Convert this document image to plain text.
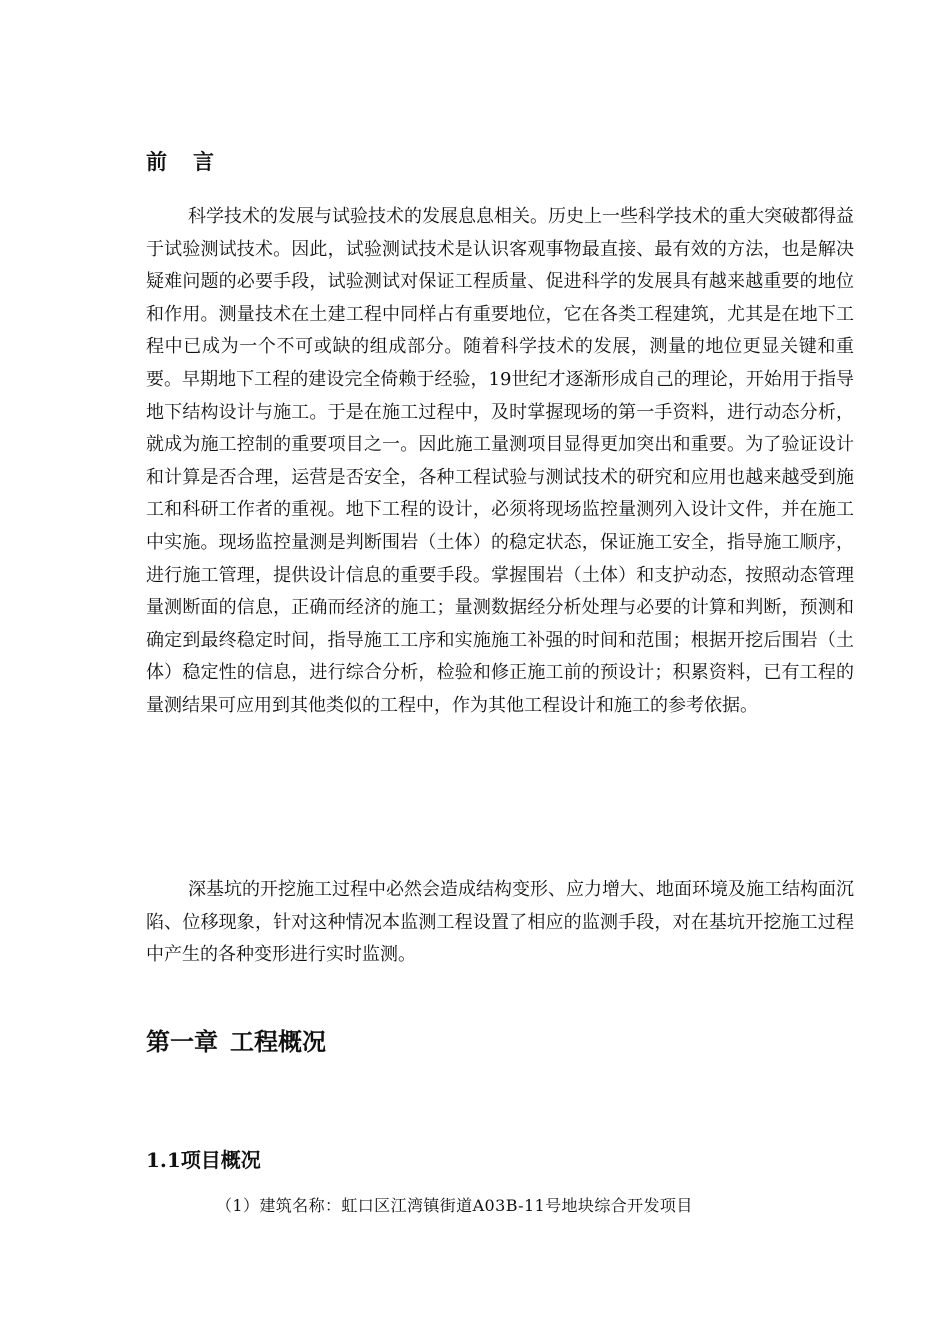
前 言

科学技术的发展与试验技术的发展息息相关。历史上一些科学技术的重大突破都得益于试验测试技术。因此，试验测试技术是认识客观事物最直接、最有效的方法，也是解决疑难问题的必要手段，试验测试对保证工程质量、促进科学的发展具有越来越重要的地位和作用。测量技术在土建工程中同样占有重要地位，它在各类工程建筑，尤其是在地下工程中已成为一个不可或缺的组成部分。随着科学技术的发展，测量的地位更显关键和重要。早期地下工程的建设完全倚赖于经验，19世纪才逐渐形成自己的理论，开始用于指导地下结构设计与施工。于是在施工过程中，及时掌握现场的第一手资料，进行动态分析，就成为施工控制的重要项目之一。因此施工量测项目显得更加突出和重要。为了验证设计和计算是否合理，运营是否安全，各种工程试验与测试技术的研究和应用也越来越受到施工和科研工作者的重视。地下工程的设计，必须将现场监控量测列入设计文件，并在施工中实施。现场监控量测是判断围岩（土体）的稳定状态，保证施工安全，指导施工顺序，进行施工管理，提供设计信息的重要手段。掌握围岩（土体）和支护动态，按照动态管理量测断面的信息，正确而经济的施工；量测数据经分析处理与必要的计算和判断，预测和确定到最终稳定时间，指导施工工序和实施施工补强的时间和范围；根据开挖后围岩（土体）稳定性的信息，进行综合分析，检验和修正施工前的预设计；积累资料，已有工程的量测结果可应用到其他类似的工程中，作为其他工程设计和施工的参考依据。

深基坑的开挖施工过程中必然会造成结构变形、应力增大、地面环境及施工结构面沉陷、位移现象，针对这种情况本监测工程设置了相应的监测手段，对在基坑开挖施工过程中产生的各种变形进行实时监测。

第一章 工程概况
1.1项目概况

（1）建筑名称：虹口区江湾镇街道A03B-11号地块综合开发项目
